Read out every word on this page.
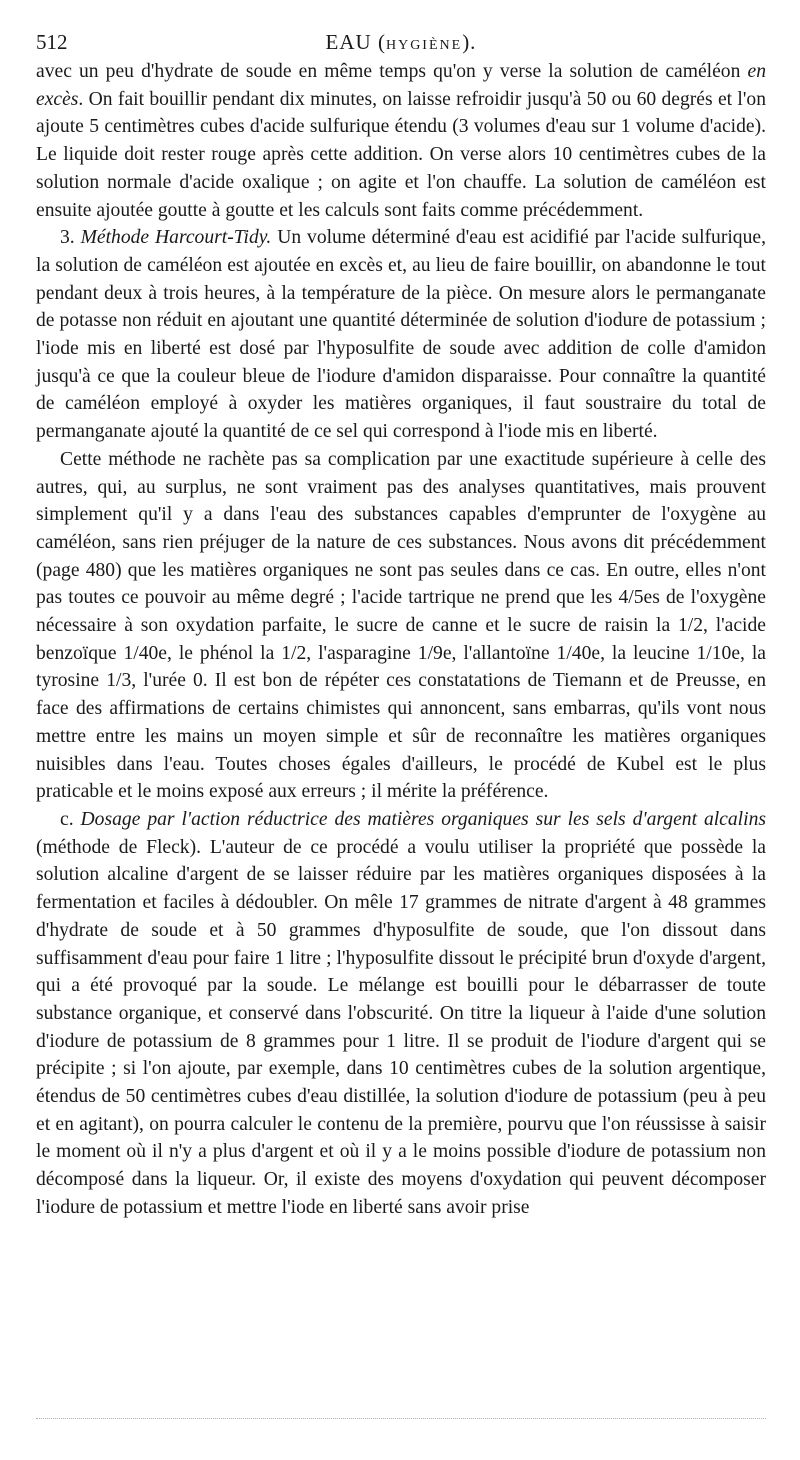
512	EAU (HYGIÈNE).

avec un peu d'hydrate de soude en même temps qu'on y verse la solution de caméléon en excès. On fait bouillir pendant dix minutes, on laisse refroidir jusqu'à 50 ou 60 degrés et l'on ajoute 5 centimètres cubes d'acide sulfurique étendu (3 volumes d'eau sur 1 volume d'acide). Le liquide doit rester rouge après cette addition. On verse alors 10 centimètres cubes de la solution normale d'acide oxalique ; on agite et l'on chauffe. La solution de caméléon est ensuite ajoutée goutte à goutte et les calculs sont faits comme précédemment.

3. Méthode Harcourt-Tidy. Un volume déterminé d'eau est acidifié par l'acide sulfurique, la solution de caméléon est ajoutée en excès et, au lieu de faire bouillir, on abandonne le tout pendant deux à trois heures, à la température de la pièce. On mesure alors le permanganate de potasse non réduit en ajoutant une quantité déterminée de solution d'iodure de potassium ; l'iode mis en liberté est dosé par l'hyposulfite de soude avec addition de colle d'amidon jusqu'à ce que la couleur bleue de l'iodure d'amidon disparaisse. Pour connaître la quantité de caméléon employé à oxyder les matières organiques, il faut soustraire du total de permanganate ajouté la quantité de ce sel qui correspond à l'iode mis en liberté.

Cette méthode ne rachète pas sa complication par une exactitude supérieure à celle des autres, qui, au surplus, ne sont vraiment pas des analyses quantitatives, mais prouvent simplement qu'il y a dans l'eau des substances capables d'emprunter de l'oxygène au caméléon, sans rien préjuger de la nature de ces substances. Nous avons dit précédemment (page 480) que les matières organiques ne sont pas seules dans ce cas. En outre, elles n'ont pas toutes ce pouvoir au même degré ; l'acide tartrique ne prend que les 4/5es de l'oxygène nécessaire à son oxydation parfaite, le sucre de canne et le sucre de raisin la 1/2, l'acide benzoïque 1/40e, le phénol la 1/2, l'asparagine 1/9e, l'allantoïne 1/40e, la leucine 1/10e, la tyrosine 1/3, l'urée 0. Il est bon de répéter ces constatations de Tiemann et de Preusse, en face des affirmations de certains chimistes qui annoncent, sans embarras, qu'ils vont nous mettre entre les mains un moyen simple et sûr de reconnaître les matières organiques nuisibles dans l'eau. Toutes choses égales d'ailleurs, le procédé de Kubel est le plus praticable et le moins exposé aux erreurs ; il mérite la préférence.

c. Dosage par l'action réductrice des matières organiques sur les sels d'argent alcalins (méthode de Fleck). L'auteur de ce procédé a voulu utiliser la propriété que possède la solution alcaline d'argent de se laisser réduire par les matières organiques disposées à la fermentation et faciles à dédoubler. On mêle 17 grammes de nitrate d'argent à 48 grammes d'hydrate de soude et à 50 grammes d'hyposulfite de soude, que l'on dissout dans suffisamment d'eau pour faire 1 litre ; l'hyposulfite dissout le précipité brun d'oxyde d'argent, qui a été provoqué par la soude. Le mélange est bouilli pour le débarrasser de toute substance organique, et conservé dans l'obscurité. On titre la liqueur à l'aide d'une solution d'iodure de potassium de 8 grammes pour 1 litre. Il se produit de l'iodure d'argent qui se précipite ; si l'on ajoute, par exemple, dans 10 centimètres cubes de la solution argentique, étendus de 50 centimètres cubes d'eau distillée, la solution d'iodure de potassium (peu à peu et en agitant), on pourra calculer le contenu de la première, pourvu que l'on réussisse à saisir le moment où il n'y a plus d'argent et où il y a le moins possible d'iodure de potassium non décomposé dans la liqueur. Or, il existe des moyens d'oxydation qui peuvent décomposer l'iodure de potassium et mettre l'iode en liberté sans avoir prise
